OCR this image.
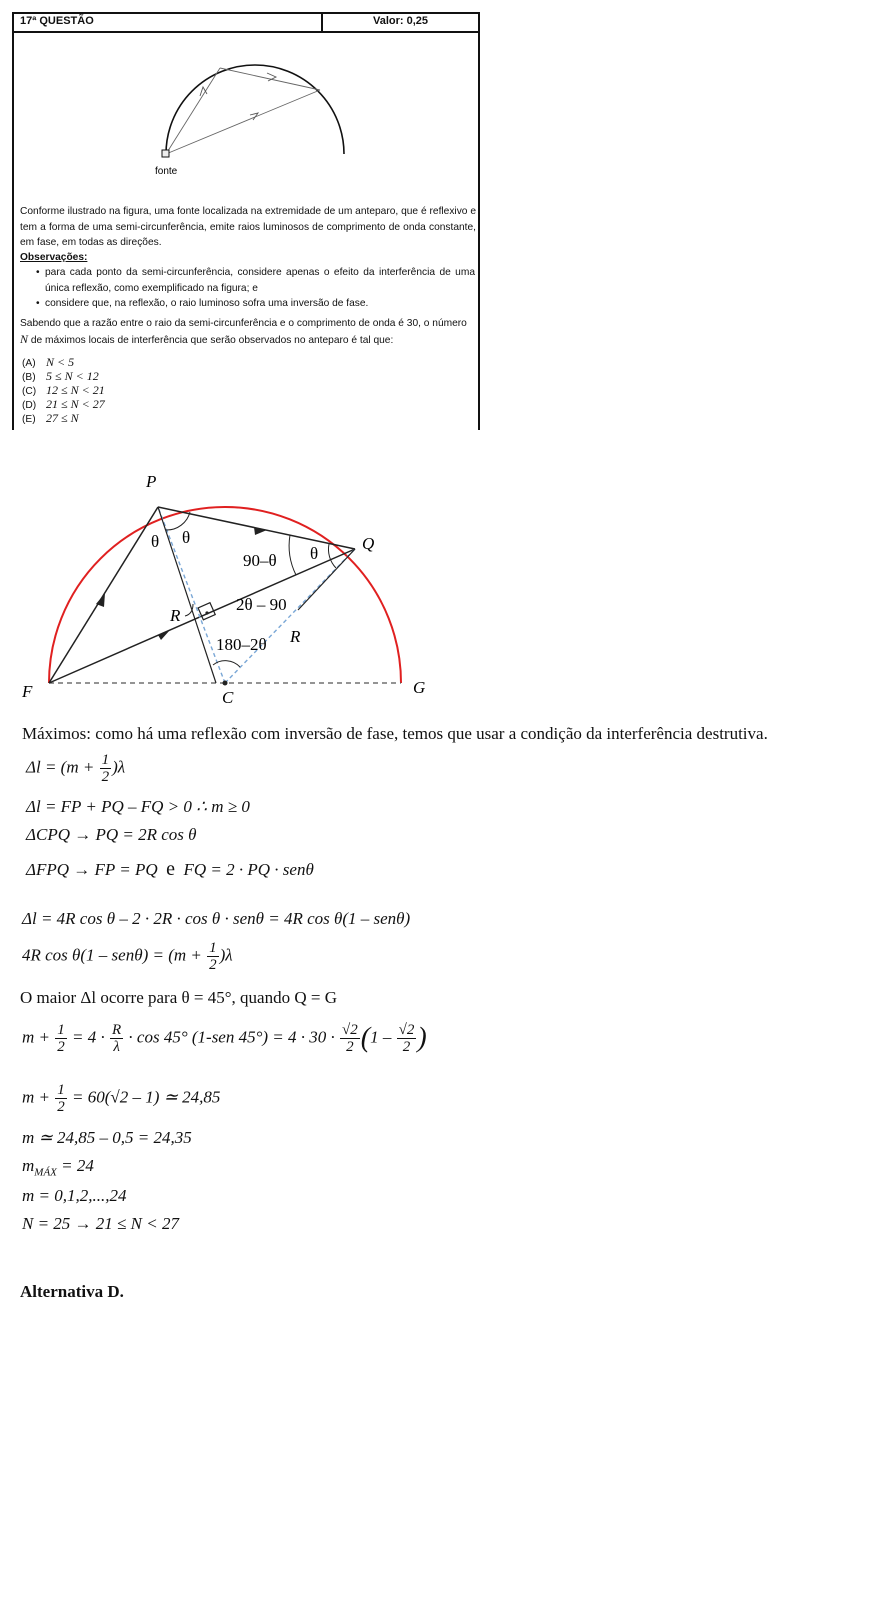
17ª QUESTÃO	Valor: 0,25
fonte
Conforme ilustrado na figura, uma fonte localizada na extremidade de um anteparo, que é reflexivo e tem a forma de uma semi-circunferência, emite raios luminosos de comprimento de onda constante, em fase, em todas as direções.
Observações:
• para cada ponto da semi-circunferência, considere apenas o efeito da interferência de uma única reflexão, como exemplificado na figura; e
• considere que, na reflexão, o raio luminoso sofra uma inversão de fase.
Sabendo que a razão entre o raio da semi-circunferência e o comprimento de onda é 30, o número
N de máximos locais de interferência que serão observados no anteparo é tal que:
(A) N < 5
(B) 5 ≤ N < 12
(C) 12 ≤ N < 21
(D) 21 ≤ N < 27
(E) 27 ≤ N
P
Q
F	G
C
R
R
θ θ
θ
90–θ
2θ – 90
180–2θ
Máximos: como há uma reflexão com inversão de fase, temos que usar a condição da interferência destrutiva.
$\Delta l = (m + \frac{1}{2} )\lambda$
Δl = FP + PQ – FQ > 0 ∴ m ≥ 0
ΔCPQ → PQ = 2R cos θ
ΔFPQ → FP = PQ e FQ = 2 · PQ · senθ
Δl = 4R cos θ – 2 · 2R · cos θ · senθ = 4R cos θ(1 – senθ)
4R $\cos \theta(1 - sen\theta) = (m + \frac{1}{2} )\lambda$
O maior Δl ocorre para θ = 45°, quando Q = G
$m + \frac{1}{2} = 4 \cdot \frac{R}{\lambda} \cdot \cos 45^\circ$ (1-sen $45^\circ) = 4 \cdot 30 \cdot \frac{√2}{2} (1 - \frac{√2}{2}$ )
$m + \frac{1}{2} = 60(√2 - 1)$ ≃ 24,85
m ≃ 24,85 – 0,5 = 24,35
$m_{MÁX} = 24$
m = 0,1,2,...,24
N = 25 → 21 ≤ N < 27
Alternativa D.
